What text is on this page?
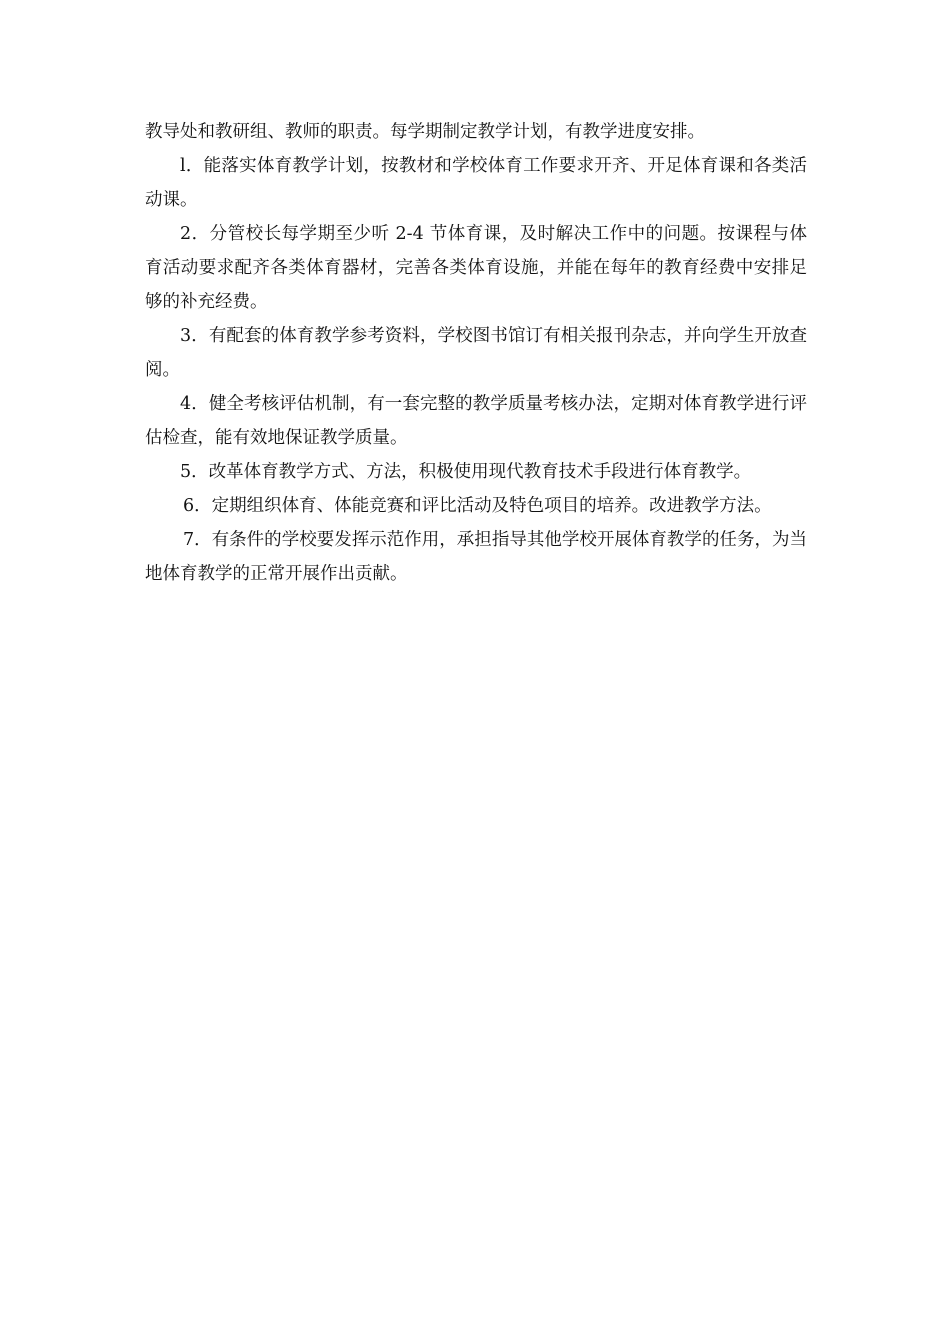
教导处和教研组、教师的职责。每学期制定教学计划，有教学进度安排。

l．能落实体育教学计划，按教材和学校体育工作要求开齐、开足体育课和各类活动课。

2．分管校长每学期至少听 2-4 节体育课，及时解决工作中的问题。按课程与体育活动要求配齐各类体育器材，完善各类体育设施，并能在每年的教育经费中安排足够的补充经费。

3．有配套的体育教学参考资料，学校图书馆订有相关报刊杂志，并向学生开放查阅。

4．健全考核评估机制，有一套完整的教学质量考核办法，定期对体育教学进行评估检查，能有效地保证教学质量。

5．改革体育教学方式、方法，积极使用现代教育技术手段进行体育教学。

6．定期组织体育、体能竞赛和评比活动及特色项目的培养。改进教学方法。

7．有条件的学校要发挥示范作用，承担指导其他学校开展体育教学的任务，为当地体育教学的正常开展作出贡献。
